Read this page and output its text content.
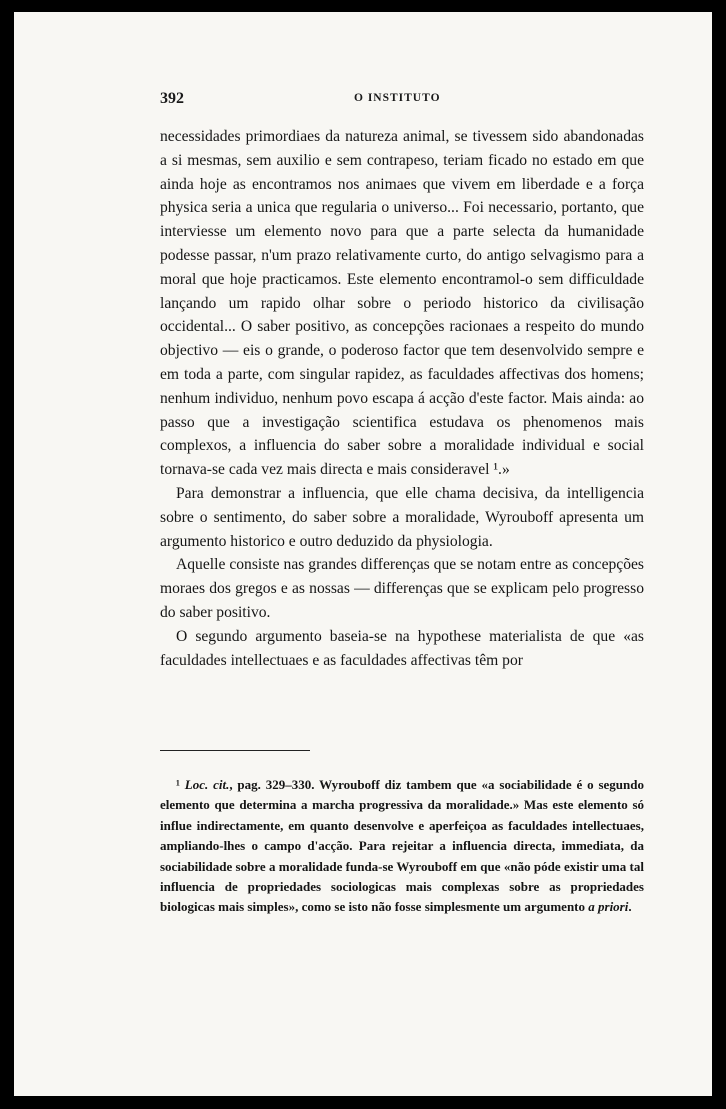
392	O INSTITUTO

necessidades primordiaes da natureza animal, se tivessem sido abandonadas a si mesmas, sem auxilio e sem contrapeso, teriam ficado no estado em que ainda hoje as encontramos nos animaes que vivem em liberdade e a força physica seria a unica que regularia o universo... Foi necessario, portanto, que interviesse um elemento novo para que a parte selecta da humanidade podesse passar, n'um prazo relativamente curto, do antigo selvagismo para a moral que hoje practicamos. Este elemento encontramol-o sem difficuldade lançando um rapido olhar sobre o periodo historico da civilisação occidental... O saber positivo, as concepções racionaes a respeito do mundo objectivo — eis o grande, o poderoso factor que tem desenvolvido sempre e em toda a parte, com singular rapidez, as faculdades affectivas dos homens; nenhum individuo, nenhum povo escapa á acção d'este factor. Mais ainda: ao passo que a investigação scientifica estudava os phenomenos mais complexos, a influencia do saber sobre a moralidade individual e social tornava-se cada vez mais directa e mais consideravel ¹.»

Para demonstrar a influencia, que elle chama decisiva, da intelligencia sobre o sentimento, do saber sobre a moralidade, Wyrouboff apresenta um argumento historico e outro deduzido da physiologia.

Aquelle consiste nas grandes differenças que se notam entre as concepções moraes dos gregos e as nossas — differenças que se explicam pelo progresso do saber positivo.

O segundo argumento baseia-se na hypothese materialista de que «as faculdades intellectuaes e as faculdades affectivas têm por

¹ Loc. cit., pag. 329–330. Wyrouboff diz tambem que «a sociabilidade é o segundo elemento que determina a marcha progressiva da moralidade.» Mas este elemento só influe indirectamente, em quanto desenvolve e aperfeiçoa as faculdades intellectuaes, ampliando-lhes o campo d'acção. Para rejeitar a influencia directa, immediata, da sociabilidade sobre a moralidade funda-se Wyrouboff em que «não póde existir uma tal influencia de propriedades sociologicas mais complexas sobre as propriedades biologicas mais simples», como se isto não fosse simplesmente um argumento a priori.
